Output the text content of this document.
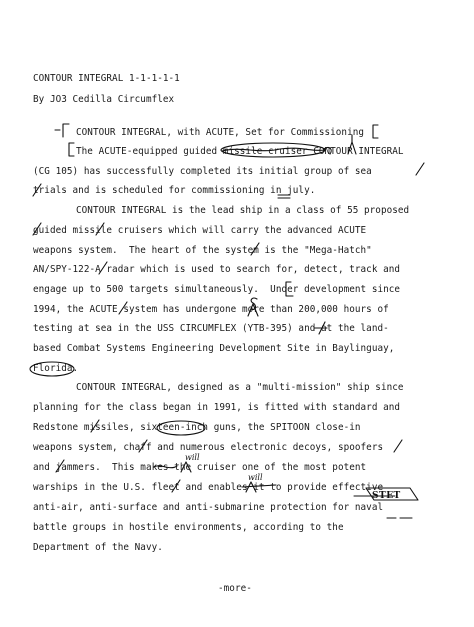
CONTOUR INTEGRAL 1-1-1-1-1
By JO3 Cedilla Circumflex
CONTOUR INTEGRAL, with ACUTE, Set for Commissioning
The ACUTE-equipped guided missile cruiser CONTOUR INTEGRAL
(CG 105) has successfully completed its initial group of sea
trials and is scheduled for commissioning in july.
CONTOUR INTEGRAL is the lead ship in a class of 55 proposed
guided missile cruisers which will carry the advanced ACUTE
weapons system.  The heart of the system is the "Mega-Hatch"
AN/SPY-122-A radar which is used to search for, detect, track and
engage up to 500 targets simultaneously.  Under development since
1994, the ACUTE system has undergone more than 200,000 hours of
testing at sea in the USS CIRCUMFLEX (YTB-395) and at the land-
based Combat Systems Engineering Development Site in Baylinguay,
Florida.
CONTOUR INTEGRAL, designed as a "multi-mission" ship since
planning for the class began in 1991, is fitted with standard and
Redstone missiles, sixteen-inch guns, the SPITOON close-in
weapons system, chaff and numerous electronic decoys, spoofers
and jammers.  This makes the cruiser one of the most potent
warships in the U.S. fleet and enables it to provide effective
anti-air, anti-surface and anti-submarine protection for naval
battle groups in hostile environments, according to the
Department of the Navy.
-more-
will
will
STET
